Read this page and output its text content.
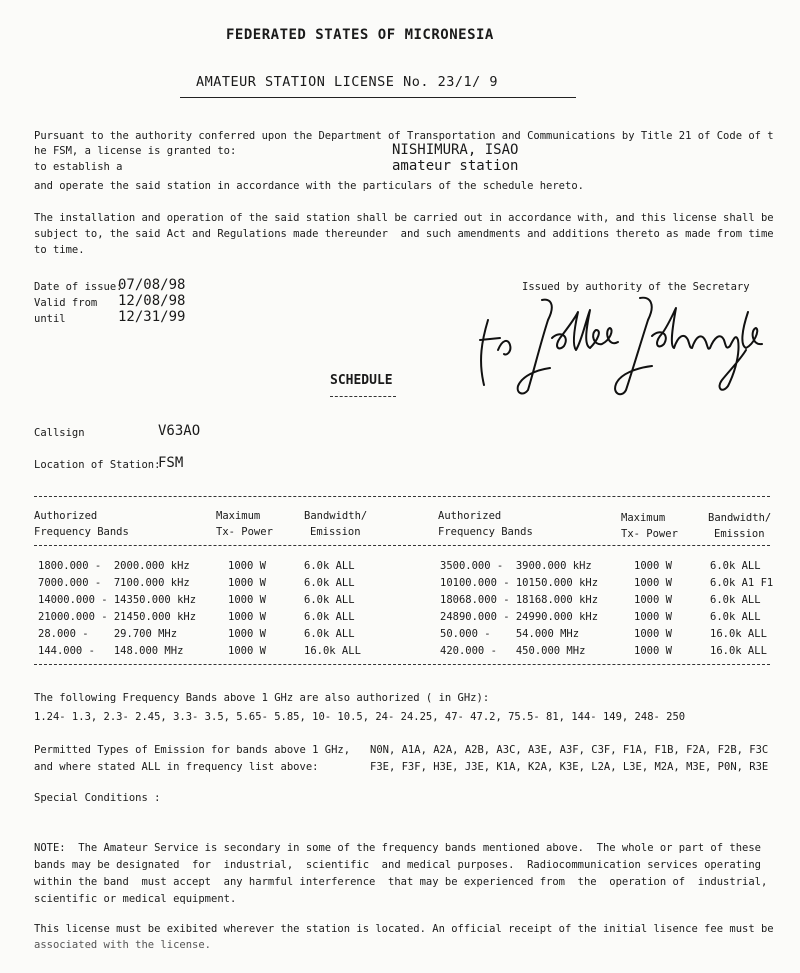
FEDERATED STATES OF MICRONESIA
AMATEUR STATION LICENSE No. 23/1/ 9
Pursuant to the authority conferred upon the Department of Transportation and Communications by Title 21 of Code of t
he FSM, a license is granted to:	NISHIMURA, ISAO
to establish a	amateur station
and operate the said station in accordance with the particulars of the schedule hereto.
The installation and operation of the said station shall be carried out in accordance with, and this license shall be
subject to, the said Act and Regulations made thereunder  and such amendments and additions thereto as made from time
to time.
Date of issue:
07/08/98
Valid from 12/08/98
until	12/31/99
Issued by authority of the Secretary
for Jolden Johnny Lee
SCHEDULE
Callsign	V63AO
Location of Station:
FSM
Authorized
Frequency Bands
Maximum
Tx- Power
Bandwidth/
Emission
Authorized
Frequency Bands
Maximum
Tx- Power
Bandwidth/
Emission
1800.000 -  2000.000 kHz	1000 W	6.0k ALL	3500.000 -  3900.000 kHz	1000 W	6.0k ALL
7000.000 -  7100.000 kHz	1000 W	6.0k ALL	10100.000 - 10150.000 kHz	1000 W	6.0k A1 F1
14000.000 - 14350.000 kHz	1000 W	6.0k ALL	18068.000 - 18168.000 kHz	1000 W	6.0k ALL
21000.000 - 21450.000 kHz	1000 W	6.0k ALL	24890.000 - 24990.000 kHz	1000 W	6.0k ALL
28.000 -    29.700 MHz	1000 W	6.0k ALL	50.000 -    54.000 MHz	1000 W	16.0k ALL
144.000 -   148.000 MHz	1000 W	16.0k ALL	420.000 -   450.000 MHz	1000 W	16.0k ALL
The following Frequency Bands above 1 GHz are also authorized ( in GHz):
1.24- 1.3, 2.3- 2.45, 3.3- 3.5, 5.65- 5.85, 10- 10.5, 24- 24.25, 47- 47.2, 75.5- 81, 144- 149, 248- 250
Permitted Types of Emission for bands above 1 GHz,
and where stated ALL in frequency list above:
N0N, A1A, A2A, A2B, A3C, A3E, A3F, C3F, F1A, F1B, F2A, F2B, F3C
F3E, F3F, H3E, J3E, K1A, K2A, K3E, L2A, L3E, M2A, M3E, P0N, R3E
Special Conditions :
NOTE:  The Amateur Service is secondary in some of the frequency bands mentioned above.  The whole or part of these
bands may be designated  for  industrial,  scientific  and medical purposes.  Radiocommunication services operating
within the band  must accept  any harmful interference  that may be experienced from  the  operation of  industrial,
scientific or medical equipment.
This license must be exibited wherever the station is located. An official receipt of the initial lisence fee must be
associated with the license.
